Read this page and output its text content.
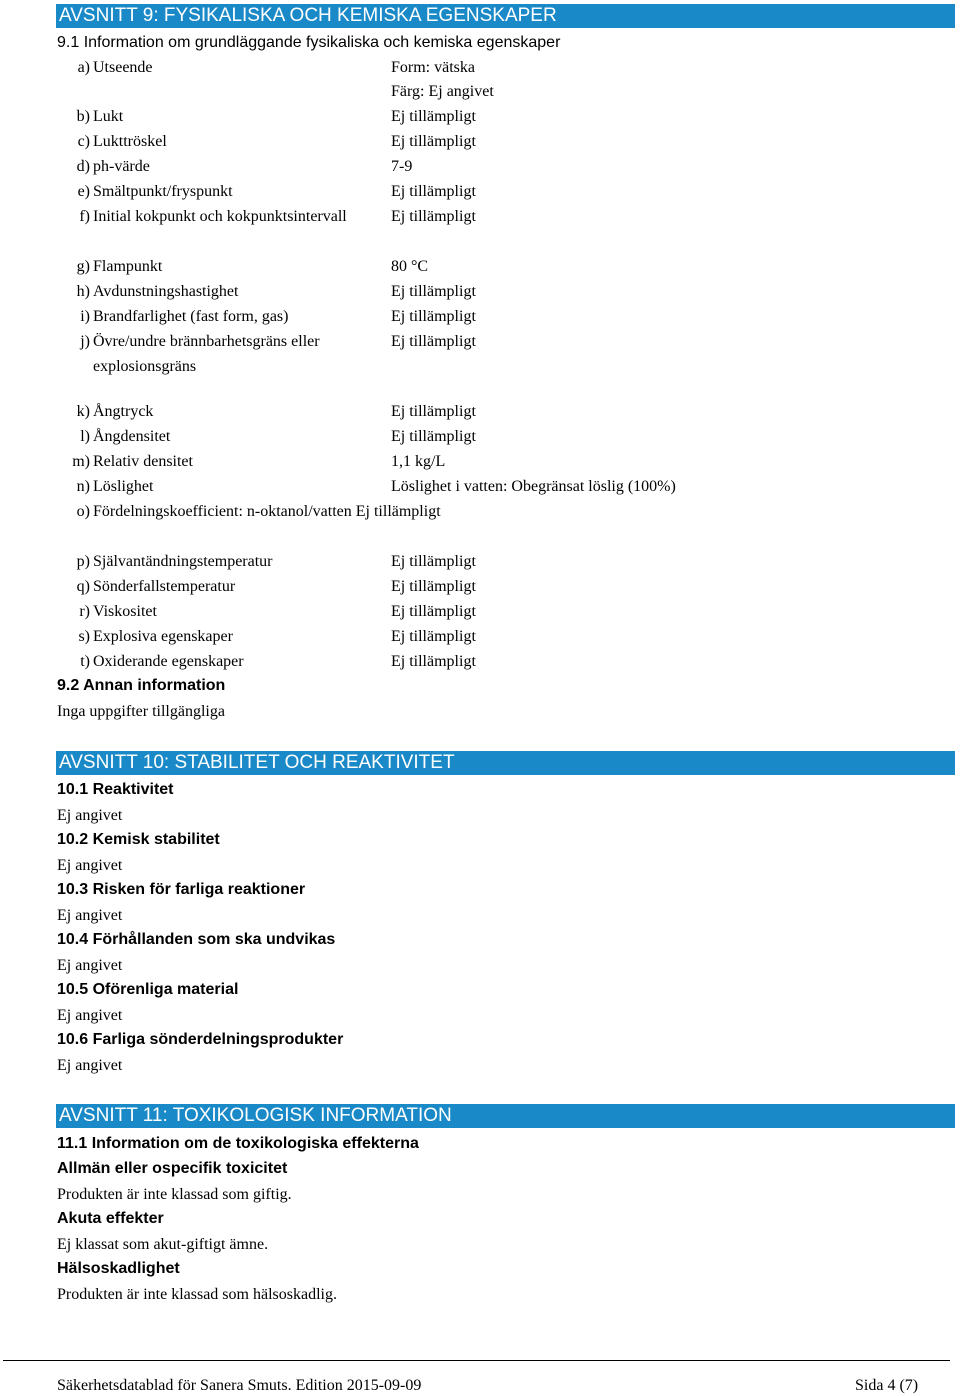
AVSNITT 9: FYSIKALISKA OCH KEMISKA EGENSKAPER
9.1 Information om grundläggande fysikaliska och kemiska egenskaper
a) Utseende	Form: vätska
Färg: Ej angivet
b) Lukt	Ej tillämpligt
c) Lukttröskel	Ej tillämpligt
d) ph-värde	7-9
e) Smältpunkt/fryspunkt	Ej tillämpligt
f) Initial kokpunkt och kokpunktsintervall	Ej tillämpligt
g) Flampunkt	80 °C
h) Avdunstningshastighet	Ej tillämpligt
i) Brandfarlighet (fast form, gas)	Ej tillämpligt
j) Övre/undre brännbarhetsgräns eller	Ej tillämpligt
explosionsgräns
k) Ångtryck	Ej tillämpligt
l) Ångdensitet	Ej tillämpligt
m) Relativ densitet	1,1 kg/L
n) Löslighet	Löslighet i vatten: Obegränsat löslig (100%)
o) Fördelningskoefficient: n-oktanol/vatten Ej tillämpligt
p) Självantändningstemperatur	Ej tillämpligt
q) Sönderfallstemperatur	Ej tillämpligt
r) Viskositet	Ej tillämpligt
s) Explosiva egenskaper	Ej tillämpligt
t) Oxiderande egenskaper	Ej tillämpligt
9.2 Annan information
Inga uppgifter tillgängliga
AVSNITT 10: STABILITET OCH REAKTIVITET
10.1 Reaktivitet
Ej angivet
10.2 Kemisk stabilitet
Ej angivet
10.3 Risken för farliga reaktioner
Ej angivet
10.4 Förhållanden som ska undvikas
Ej angivet
10.5 Oförenliga material
Ej angivet
10.6 Farliga sönderdelningsprodukter
Ej angivet
AVSNITT 11: TOXIKOLOGISK INFORMATION
11.1 Information om de toxikologiska effekterna
Allmän eller ospecifik toxicitet
Produkten är inte klassad som giftig.
Akuta effekter
Ej klassat som akut-giftigt ämne.
Hälsoskadlighet
Produkten är inte klassad som hälsoskadlig.
Säkerhetsdatablad för Sanera Smuts. Edition 2015-09-09	Sida 4 (7)
